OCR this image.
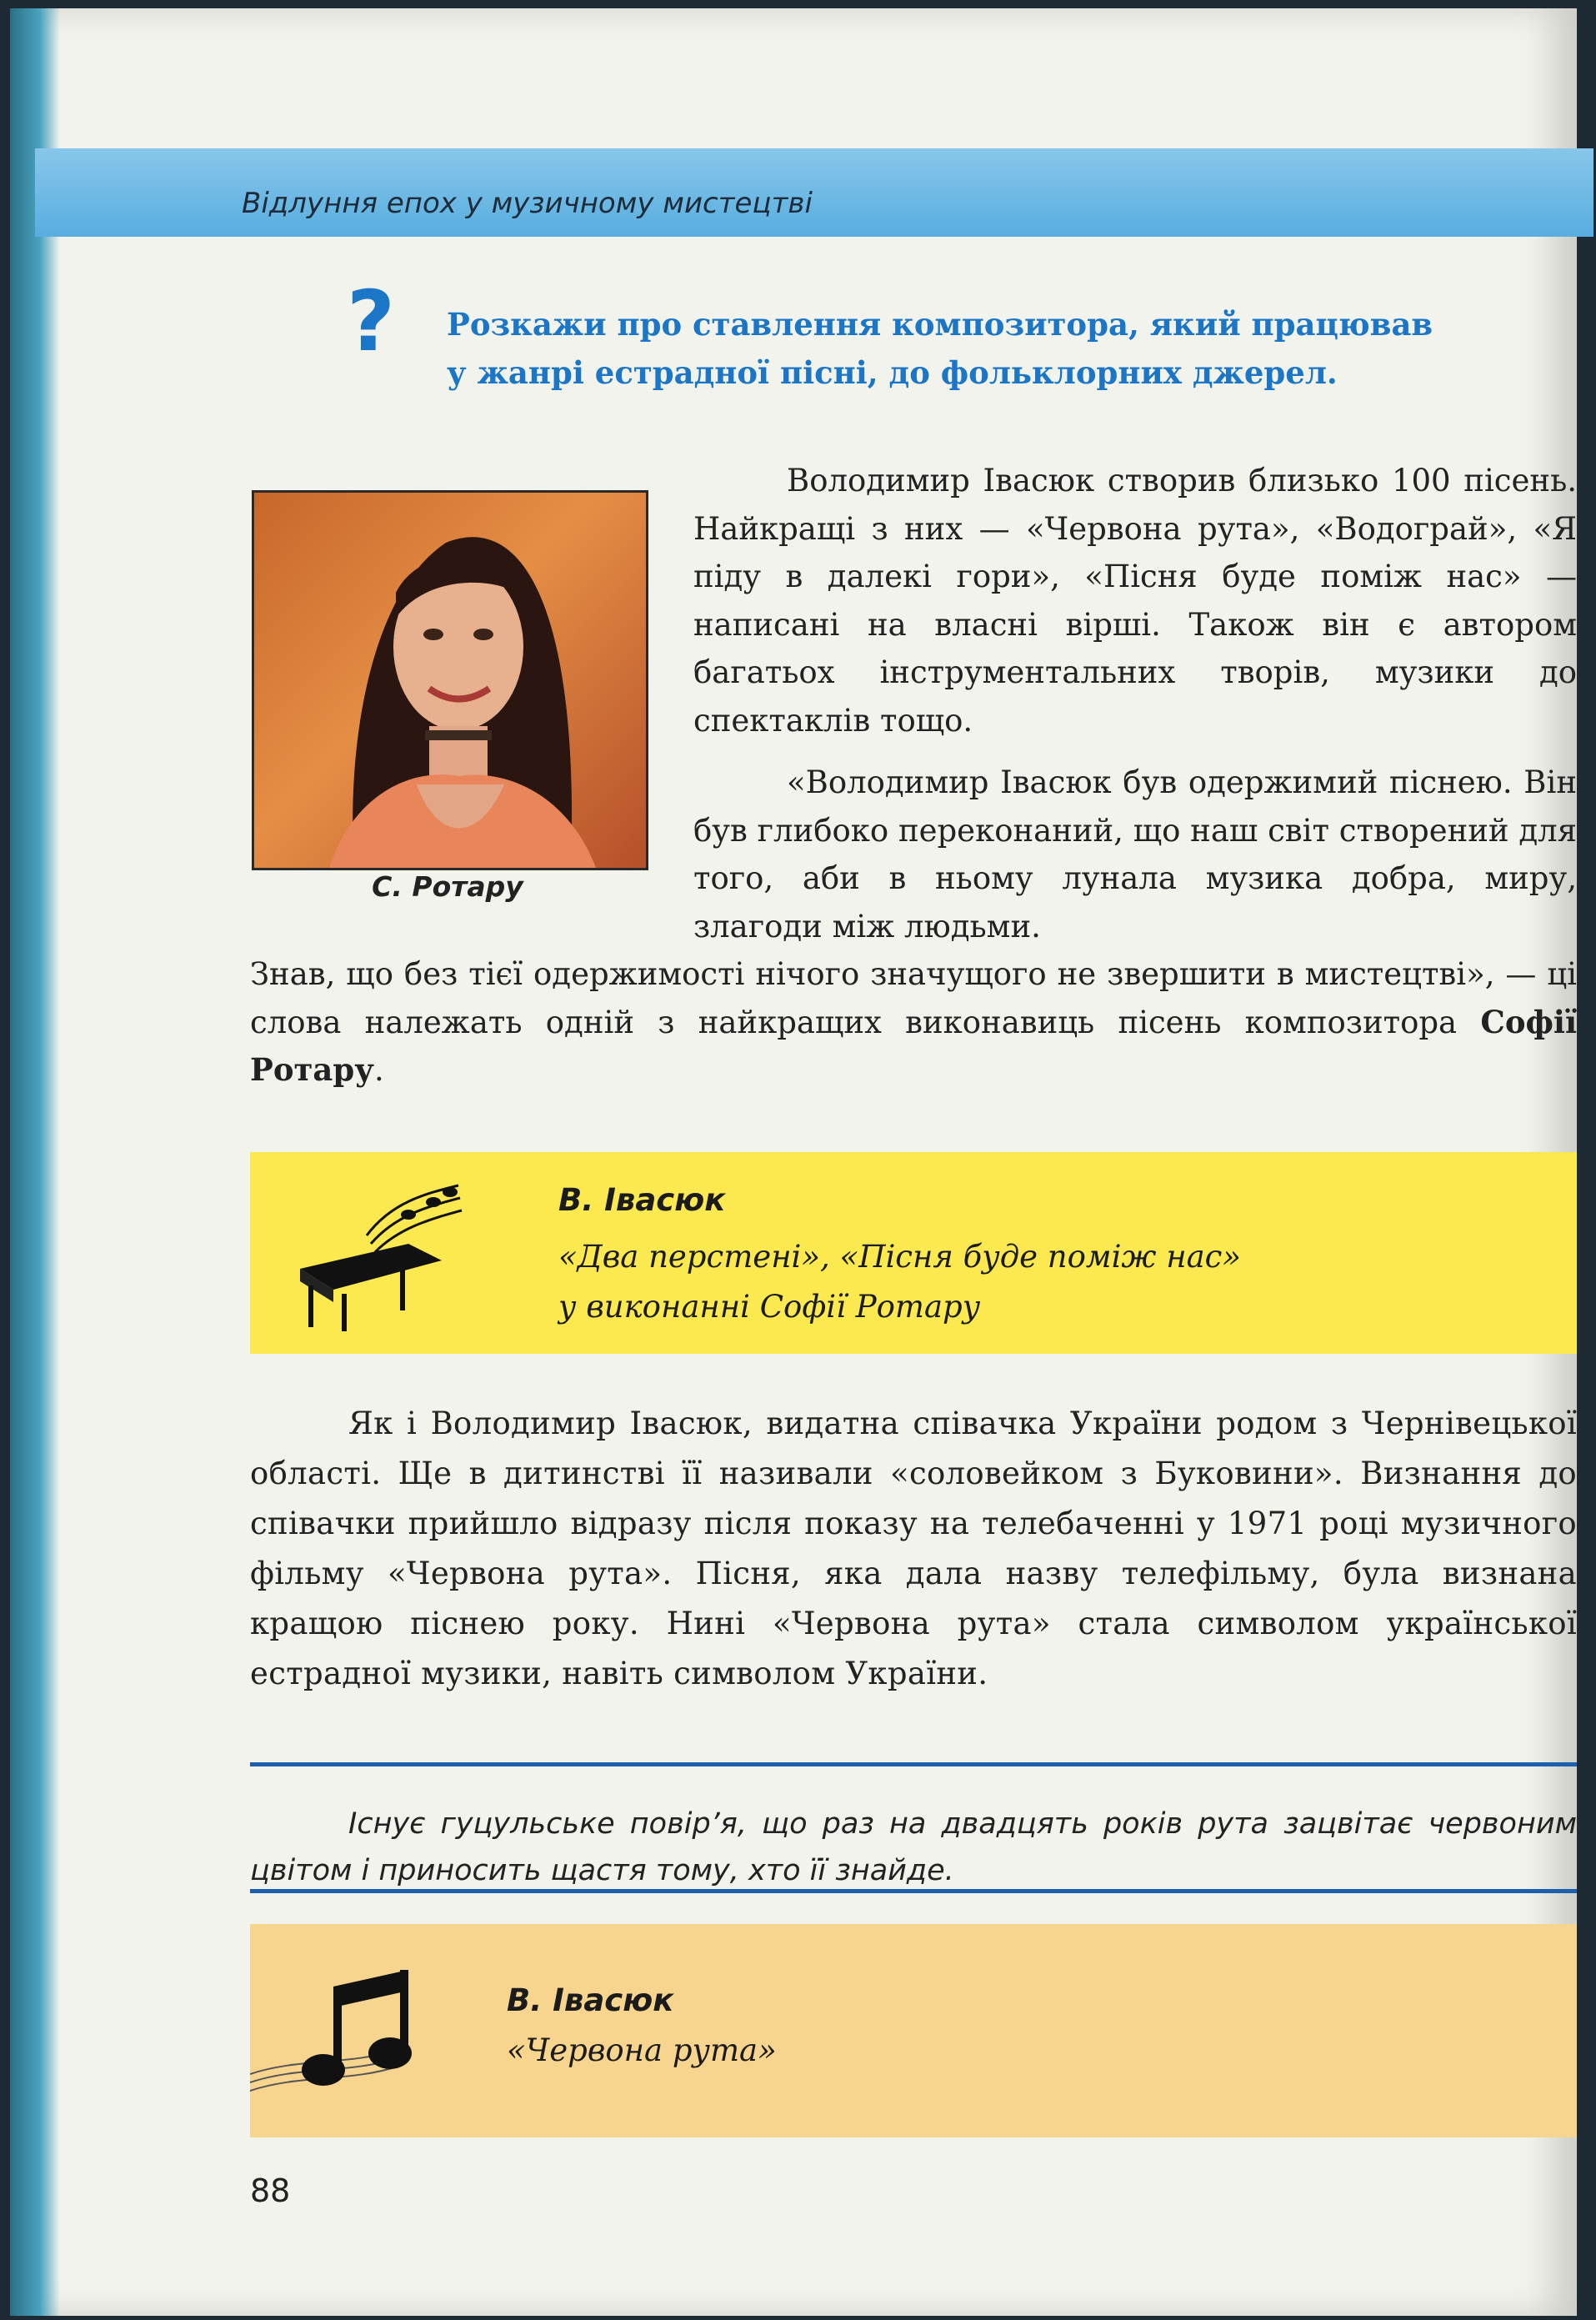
Відлуння епох у музичному мистецтві
? Розкажи про ставлення композитора, який працював
у жанрі естрадної пісні, до фольклорних джерел.
С. Ротару
Володимир Івасюк створив близько 100 пісень. Найкращі з них — «Червона рута», «Водограй», «Я піду в далекі гори», «Пісня буде поміж нас» — написані на власні вірші. Також він є автором багатьох інструментальних творів, музики до спектаклів тощо.
«Володимир Івасюк був одержимий піснею. Він був глибоко переконаний, що наш світ створений для того, аби в ньому лунала музика добра, миру, злагоди між людьми.
Знав, що без тієї одержимості нічого значущого не звершити в мистецтві», — ці слова належать одній з найкращих виконавиць пісень композитора Софії Ротару.
В. Івасюк
«Два перстені», «Пісня буде поміж нас»
у виконанні Софії Ротару
Як і Володимир Івасюк, видатна співачка України родом з Чернівецької області. Ще в дитинстві її називали «соловейком з Буковини». Визнання до співачки прийшло відразу після показу на телебаченні у 1971 році музичного фільму «Червона рута». Пісня, яка дала назву телефільму, була визнана кращою піснею року. Нині «Червона рута» стала символом української естрадної музики, навіть символом України.
Існує гуцульське повір’я, що раз на двадцять років рута зацвітає червоним цвітом і приносить щастя тому, хто її знайде.
В. Івасюк
«Червона рута»
88
